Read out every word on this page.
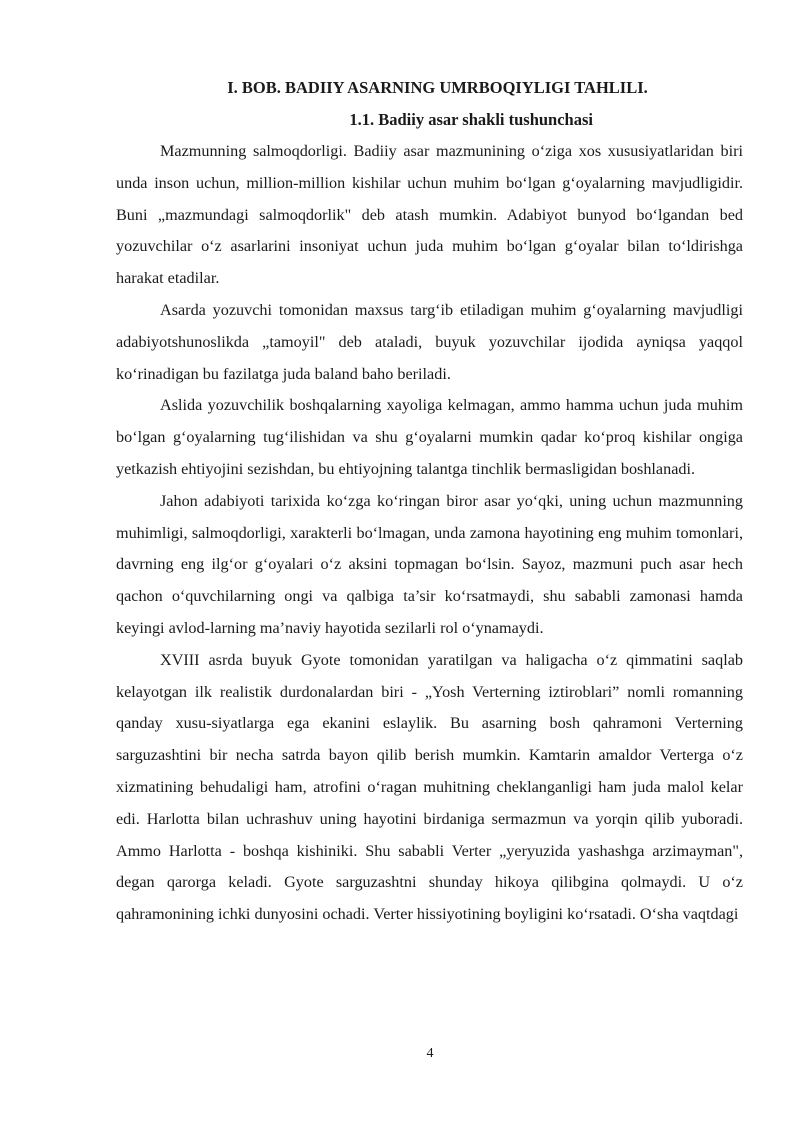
I. BOB. BADIIY ASARNING UMRBOQIYLIGI TAHLILI.
1.1. Badiiy asar shakli tushunchasi

Mazmunning salmoqdorligi. Badiiy asar mazmunining o‘ziga xos xususiyatlaridan biri unda inson uchun, million-million kishilar uchun muhim bo‘lgan g‘oyalarning mavjudligidir. Buni „mazmundagi salmoqdorlik" deb atash mumkin. Adabiyot bunyod bo‘lgandan bed yozuvchilar o‘z asarlarini insoniyat uchun juda muhim bo‘lgan g‘oyalar bilan to‘ldirishga harakat etadilar.

Asarda yozuvchi tomonidan maxsus targ‘ib etiladigan muhim g‘oyalarning mavjudligi adabiyotshunoslikda „tamoyil" deb ataladi, buyuk yozuvchilar ijodida ayniqsa yaqqol ko‘rinadigan bu fazilatga juda baland baho beriladi.

Aslida yozuvchilik boshqalarning xayoliga kelmagan, ammo hamma uchun juda muhim bo‘lgan g‘oyalarning tug‘ilishidan va shu g‘oyalarni mumkin qadar ko‘proq kishilar ongiga yetkazish ehtiyojini sezishdan, bu ehtiyojning talantga tinchlik bermasligidan boshlanadi.

Jahon adabiyoti tarixida ko‘zga ko‘ringan biror asar yo‘qki, uning uchun mazmunning muhimligi, salmoqdorligi, xarakterli bo‘lmagan, unda zamona hayotining eng muhim tomonlari, davrning eng ilg‘or g‘oyalari o‘z aksini topmagan bo‘lsin. Sayoz, mazmuni puch asar hech qachon o‘quvchilarning ongi va qalbiga ta’sir ko‘rsatmaydi, shu sababli zamonasi hamda keyingi avlod-larning ma’naviy hayotida sezilarli rol o‘ynamaydi.

XVIII asrda buyuk Gyote tomonidan yaratilgan va haligacha o‘z qimmatini saqlab kelayotgan ilk realistik durdonalardan biri - „Yosh Verterning iztiroblari” nomli romanning qanday xusu-siyatlarga ega ekanini eslaylik. Bu asarning bosh qahramoni Verterning sarguzashtini bir necha satrda bayon qilib berish mumkin. Kamtarin amaldor Verterga o‘z xizmatining behudaligi ham, atrofini o‘ragan muhitning cheklanganligi ham juda malol kelar edi. Harlotta bilan uchrashuv uning hayotini birdaniga sermazmun va yorqin qilib yuboradi. Ammo Harlotta - boshqa kishiniki. Shu sababli Verter „yeryuzida yashashga arzimayman", degan qarorga keladi. Gyote sarguzashtni shunday hikoya qilibgina qolmaydi. U o‘z qahramonining ichki dunyosini ochadi. Verter hissiyotining boyligini ko‘rsatadi. O‘sha vaqtdagi

4
